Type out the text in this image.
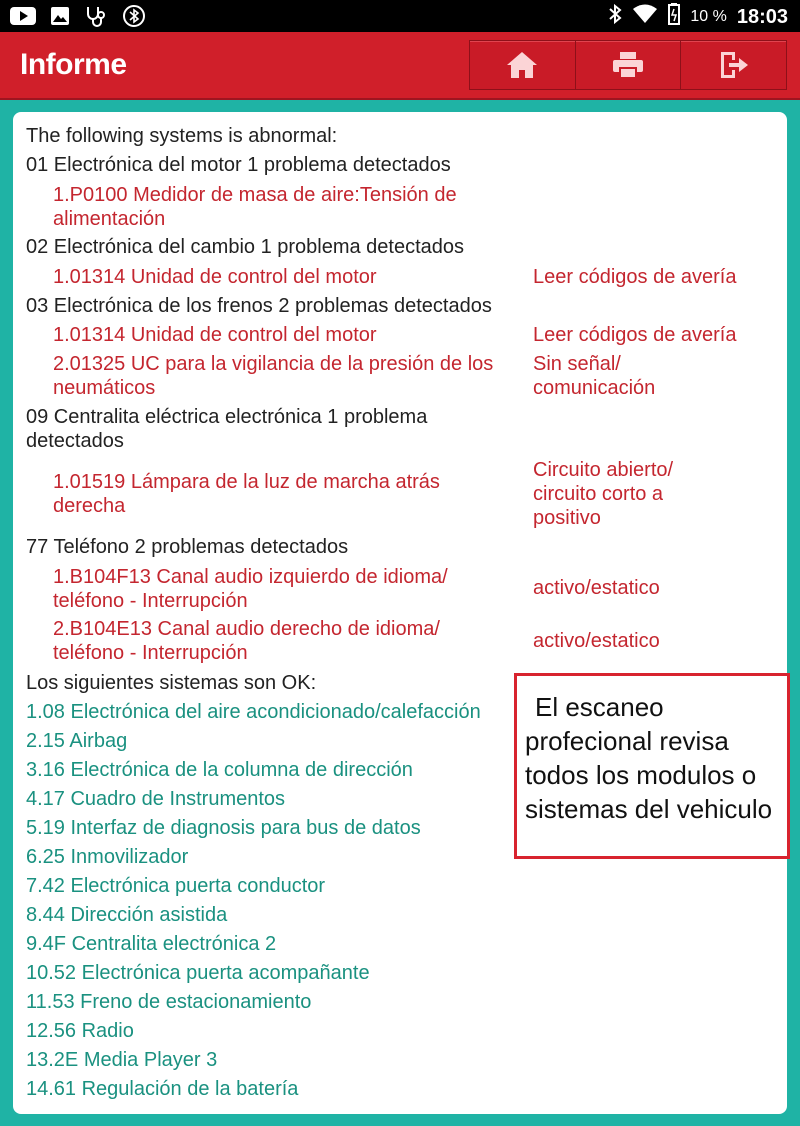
10 % 18:03
Informe
The following systems is abnormal:
01 Electrónica del motor 1 problema detectados
1.P0100 Medidor de masa de aire:Tensión de alimentación
02 Electrónica del cambio 1 problema detectados
1.01314 Unidad de control del motor	Leer códigos de avería
03 Electrónica de los frenos 2 problemas detectados
1.01314 Unidad de control del motor	Leer códigos de avería
2.01325 UC para la vigilancia de la presión de los neumáticos
Sin señal/ comunicación
09 Centralita eléctrica electrónica 1 problema detectados
1.01519 Lámpara de la luz de marcha atrás derecha
Circuito abierto/ circuito corto a positivo
77 Teléfono 2 problemas detectados
1.B104F13 Canal audio izquierdo de idioma/ teléfono - Interrupción
activo/estatico
2.B104E13 Canal audio derecho de idioma/ teléfono - Interrupción
activo/estatico
Los siguientes sistemas son OK:
1.08 Electrónica del aire acondicionado/calefacción
2.15 Airbag
3.16 Electrónica de la columna de dirección
4.17 Cuadro de Instrumentos
5.19 Interfaz de diagnosis para bus de datos
6.25 Inmovilizador
7.42 Electrónica puerta conductor
8.44 Dirección asistida
9.4F Centralita electrónica 2
10.52 Electrónica puerta acompañante
11.53 Freno de estacionamiento
12.56 Radio
13.2E Media Player 3
14.61 Regulación de la batería
El escaneo
profecional revisa
todos los modulos o
sistemas del vehiculo
